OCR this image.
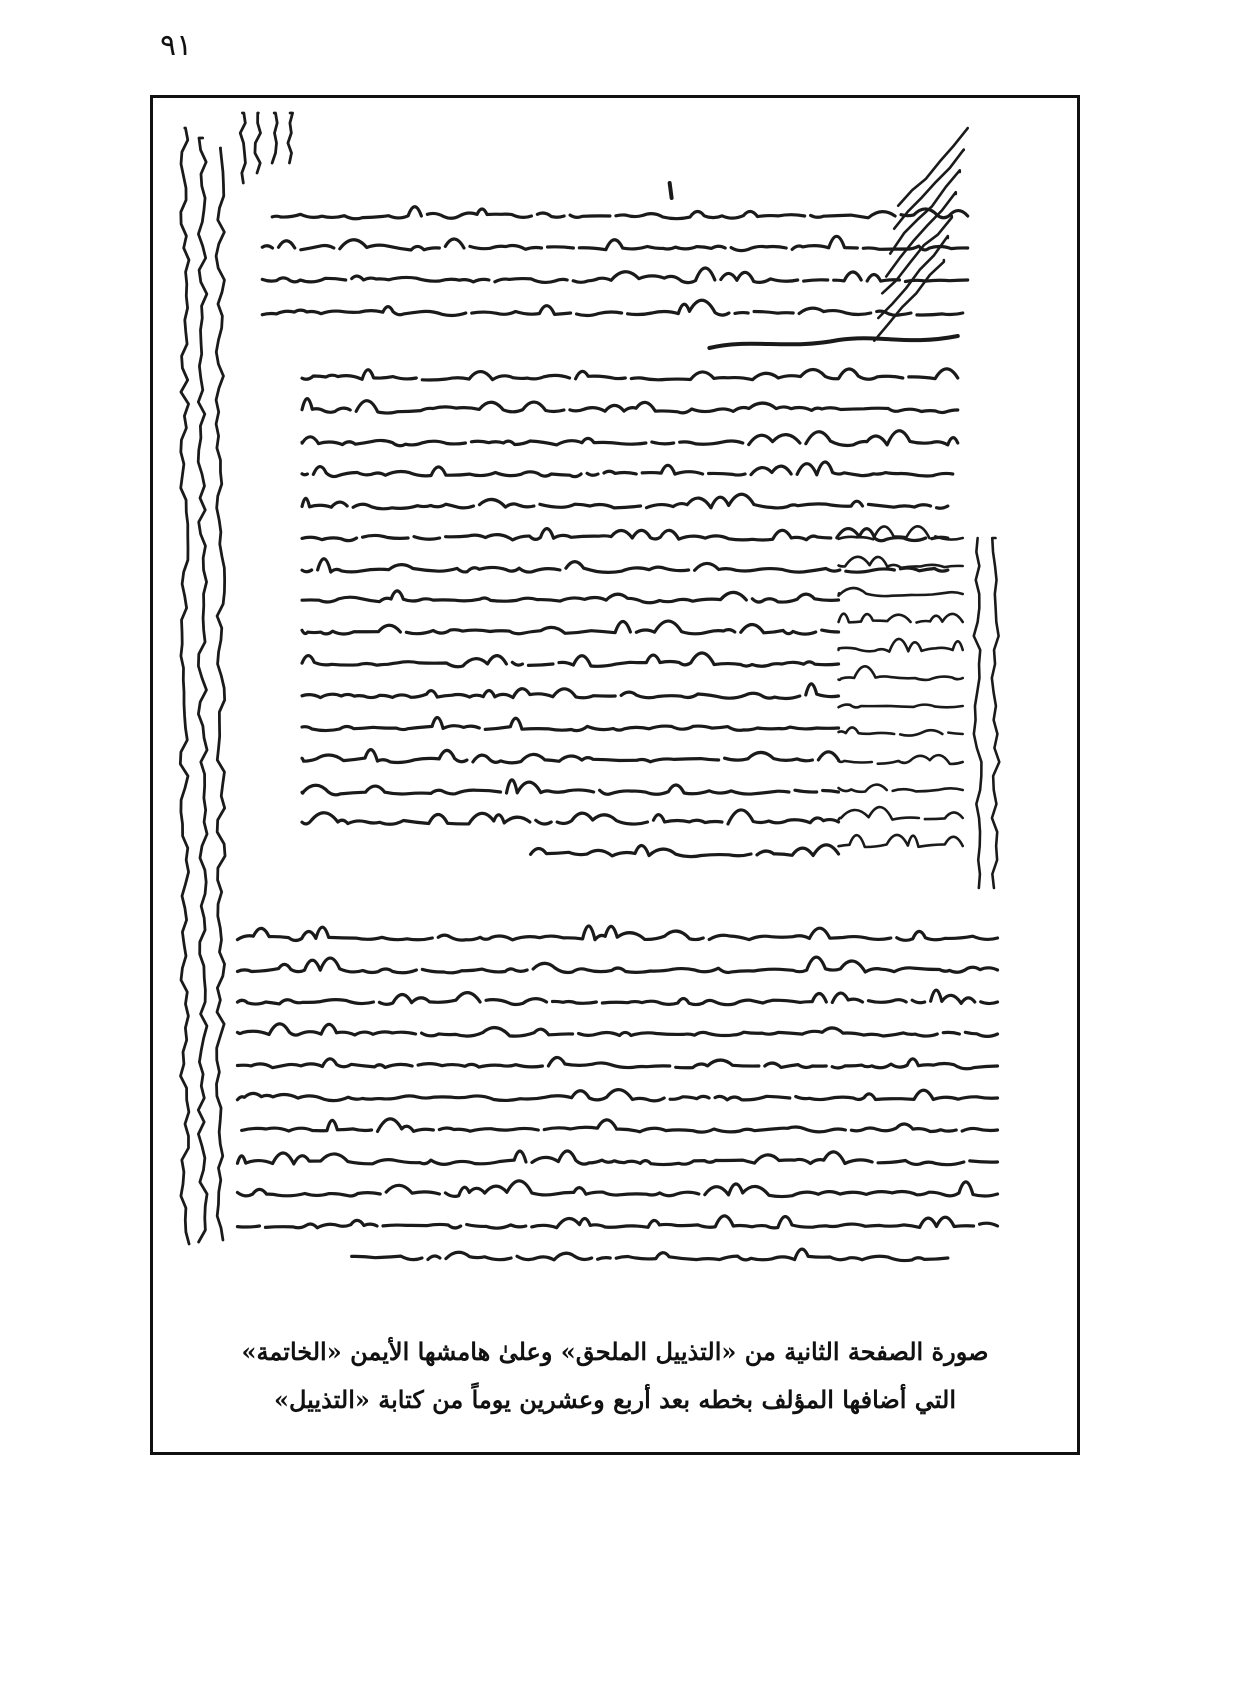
٩١
صورة الصفحة الثانية من «التذييل الملحق» وعلىٰ هامشها الأيمن «الخاتمة»
التي أضافها المؤلف بخطه بعد أربع وعشرين يوماً من كتابة «التذييل»
